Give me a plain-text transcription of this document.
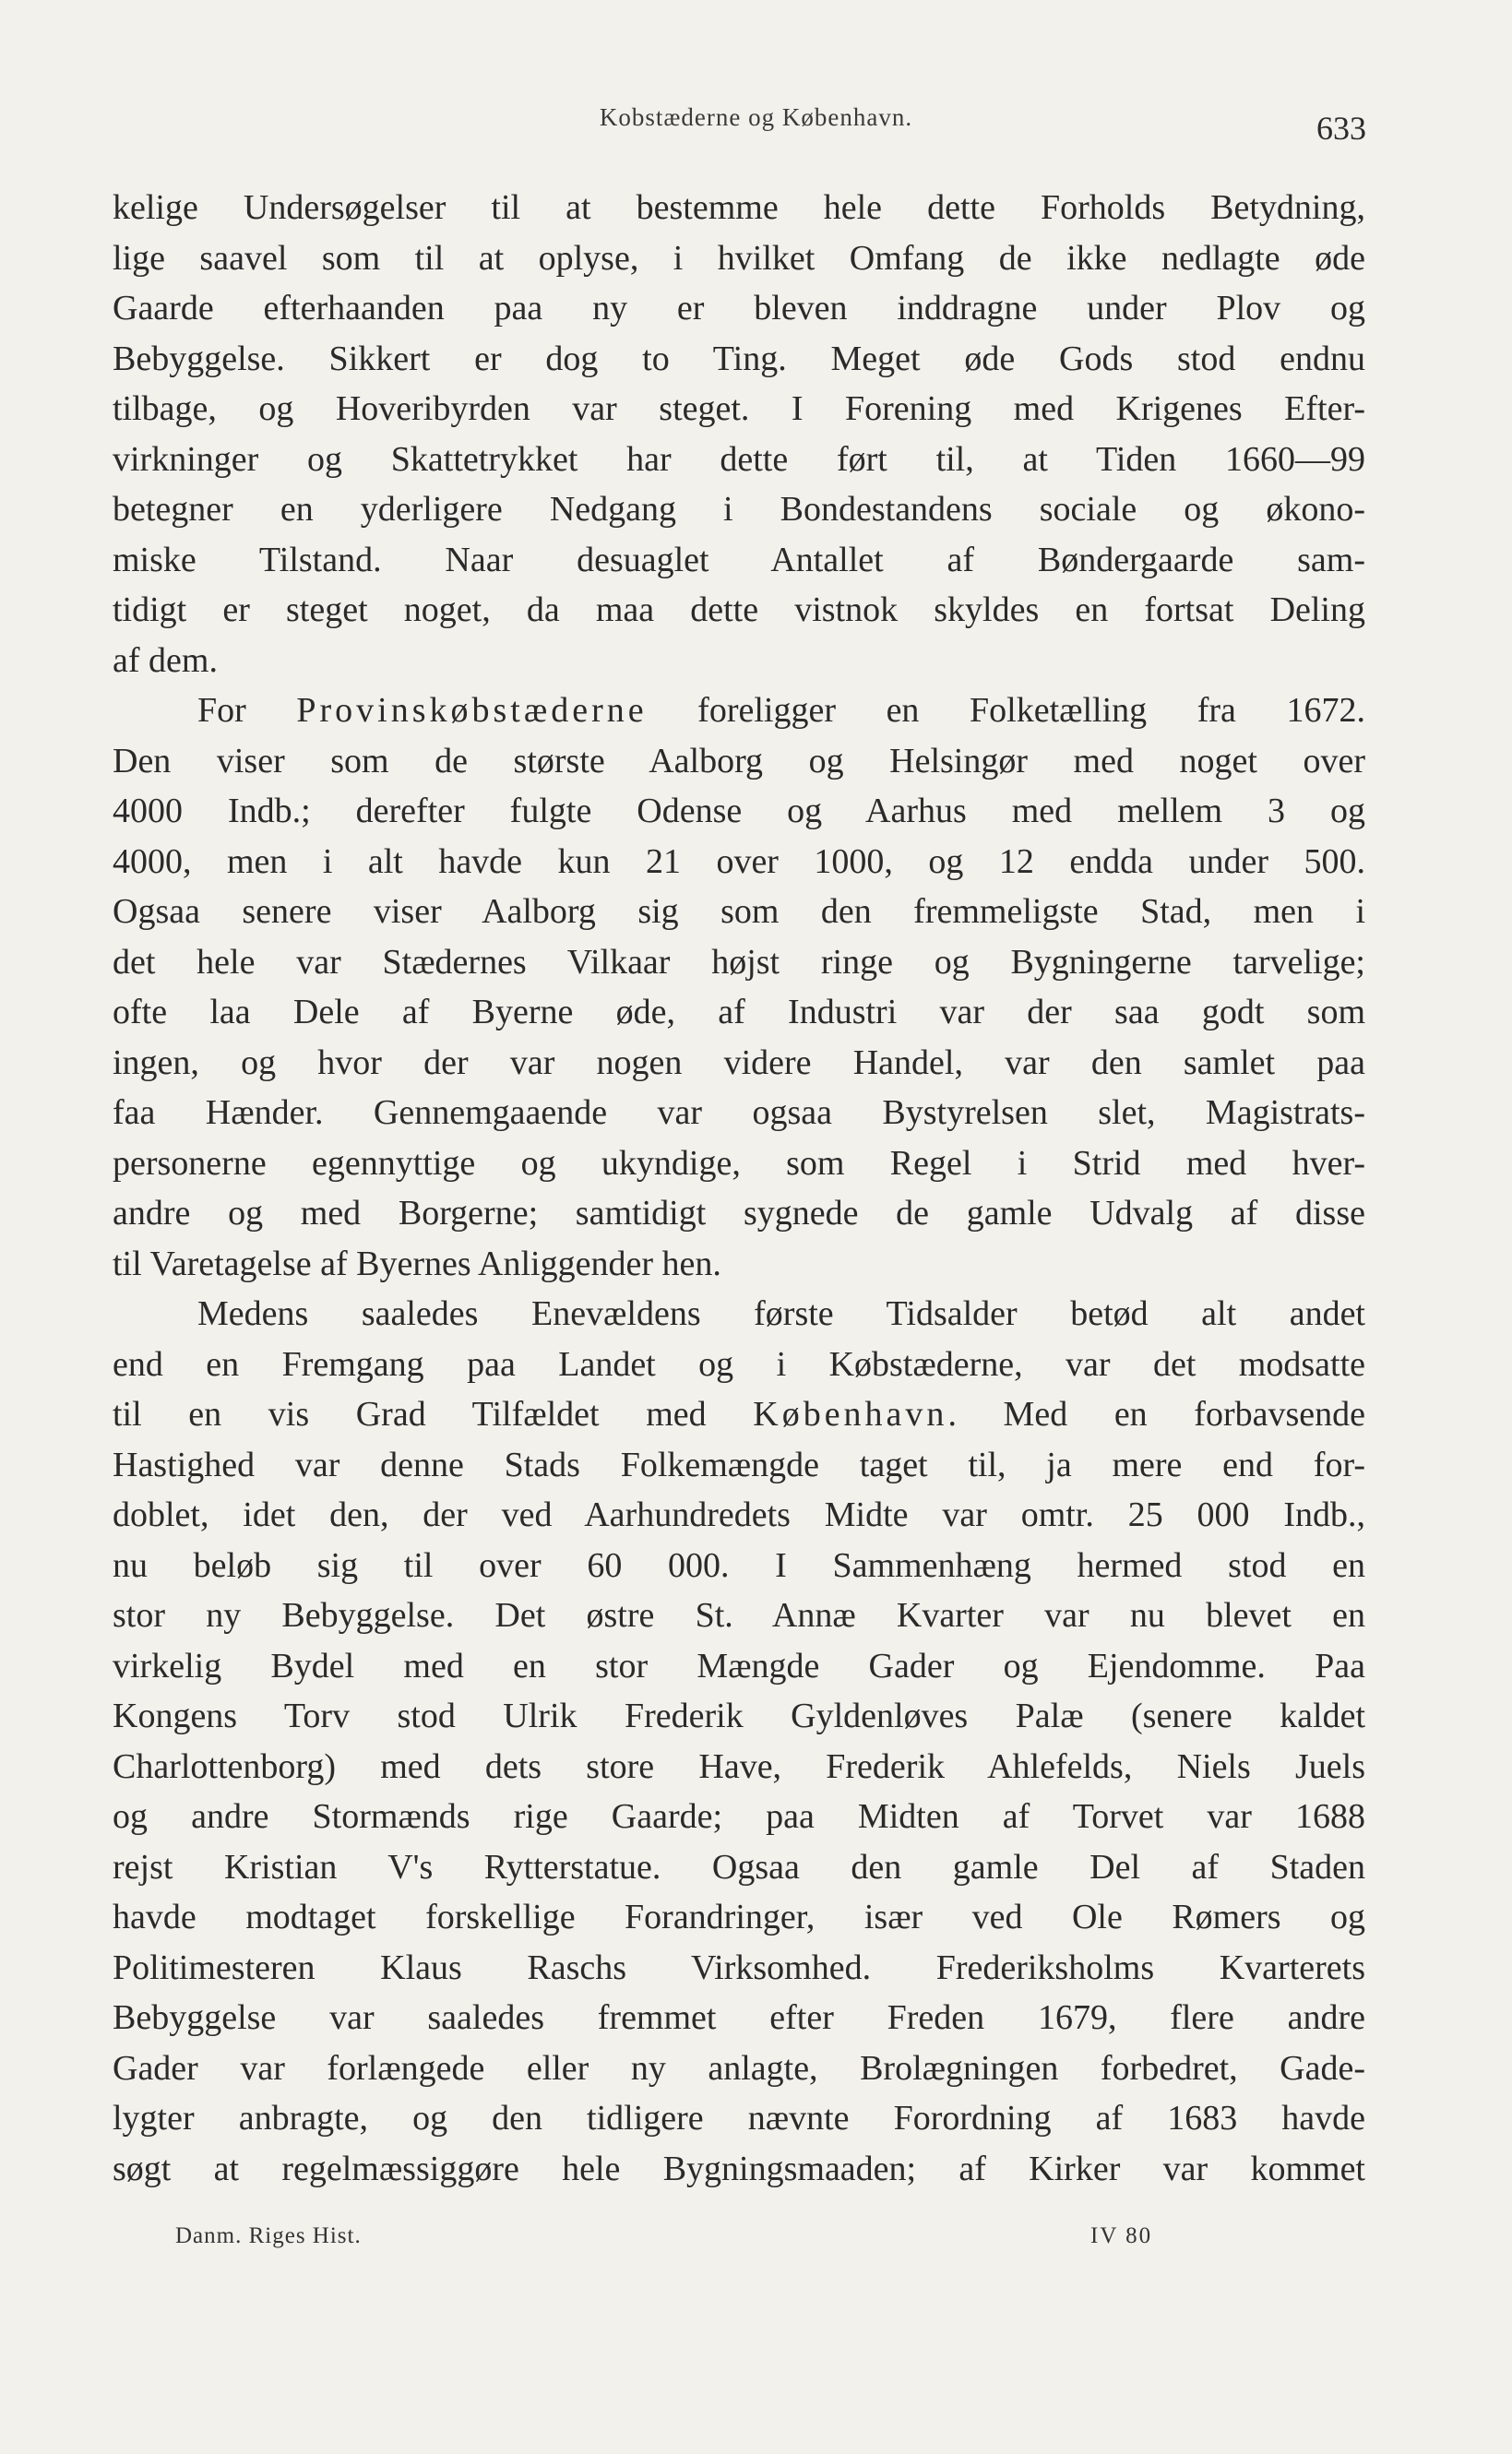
Kobstæderne og København.	633
kelige Undersøgelser til at bestemme hele dette Forholds Betydning,
lige saavel som til at oplyse, i hvilket Omfang de ikke nedlagte øde
Gaarde efterhaanden paa ny er bleven inddragne under Plov og
Bebyggelse. Sikkert er dog to Ting. Meget øde Gods stod endnu
tilbage, og Hoveribyrden var steget. I Forening med Krigenes Efter-
virkninger og Skattetrykket har dette ført til, at Tiden 1660—99
betegner en yderligere Nedgang i Bondestandens sociale og økono-
miske Tilstand. Naar desuaglet Antallet af Bøndergaarde sam-
tidigt er steget noget, da maa dette vistnok skyldes en fortsat Deling
af dem.
For Provinskøbstæderne foreligger en Folketælling fra 1672.
Den viser som de største Aalborg og Helsingør med noget over
4000 Indb.; derefter fulgte Odense og Aarhus med mellem 3 og
4000, men i alt havde kun 21 over 1000, og 12 endda under 500.
Ogsaa senere viser Aalborg sig som den fremmeligste Stad, men i
det hele var Stædernes Vilkaar højst ringe og Bygningerne tarvelige;
ofte laa Dele af Byerne øde, af Industri var der saa godt som
ingen, og hvor der var nogen videre Handel, var den samlet paa
faa Hænder. Gennemgaaende var ogsaa Bystyrelsen slet, Magistrats-
personerne egennyttige og ukyndige, som Regel i Strid med hver-
andre og med Borgerne; samtidigt sygnede de gamle Udvalg af disse
til Varetagelse af Byernes Anliggender hen.
Medens saaledes Enevældens første Tidsalder betød alt andet
end en Fremgang paa Landet og i Købstæderne, var det modsatte
til en vis Grad Tilfældet med København. Med en forbavsende
Hastighed var denne Stads Folkemængde taget til, ja mere end for-
doblet, idet den, der ved Aarhundredets Midte var omtr. 25 000 Indb.,
nu beløb sig til over 60 000. I Sammenhæng hermed stod en
stor ny Bebyggelse. Det østre St. Annæ Kvarter var nu blevet en
virkelig Bydel med en stor Mængde Gader og Ejendomme. Paa
Kongens Torv stod Ulrik Frederik Gyldenløves Palæ (senere kaldet
Charlottenborg) med dets store Have, Frederik Ahlefelds, Niels Juels
og andre Stormænds rige Gaarde; paa Midten af Torvet var 1688
rejst Kristian V's Rytterstatue. Ogsaa den gamle Del af Staden
havde modtaget forskellige Forandringer, især ved Ole Rømers og
Politimesteren Klaus Raschs Virksomhed. Frederiksholms Kvarterets
Bebyggelse var saaledes fremmet efter Freden 1679, flere andre
Gader var forlængede eller ny anlagte, Brolægningen forbedret, Gade-
lygter anbragte, og den tidligere nævnte Forordning af 1683 havde
søgt at regelmæssiggøre hele Bygningsmaaden; af Kirker var kommet
Danm. Riges Hist.	IV 80
